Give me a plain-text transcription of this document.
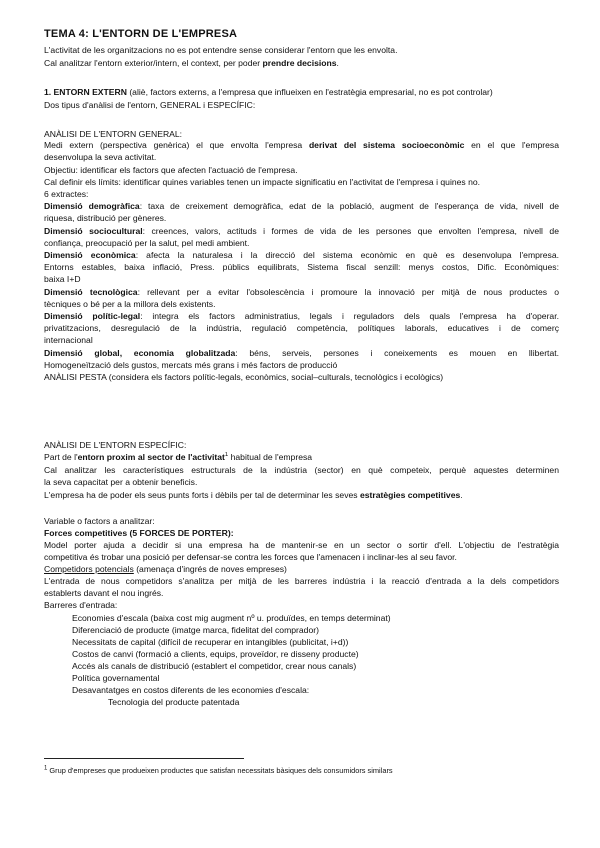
TEMA 4: L'ENTORN DE L'EMPRESA
L'activitat de les organitzacions no es pot entendre sense considerar l'entorn que les envolta.
Cal analitzar l'entorn exterior/intern, el context, per poder prendre decisions.
1. ENTORN EXTERN (aliè, factors externs, a l'empresa que influeixen en l'estratègia empresarial, no es pot controlar)
Dos tipus d'anàlisi de l'entorn, GENERAL i ESPECÍFIC:
ANÀLISI DE L'ENTORN GENERAL:
Medi extern (perspectiva genèrica) el que envolta l'empresa derivat del sistema socioeconòmic en el que l'empresa
desenvolupa la seva activitat.
Objectiu: identificar els factors que afecten l'actuació de l'empresa.
Cal definir els límits: identificar quines variables tenen un impacte significatiu en l'activitat de l'empresa i quines no.
6 extractes:
Dimensió demogràfica: taxa de creixement demogràfica, edat de la població, augment de l'esperança de vida, nivell de
riquesa, distribució per gèneres.
Dimensió sociocultural: creences, valors, actituds i formes de vida de les persones que envolten l'empresa, nivell de
confiança, preocupació per la salut, pel medi ambient.
Dimensió econòmica: afecta la naturalesa i la direcció del sistema econòmic en què es desenvolupa l'empresa.
Entorns estables, baixa inflació, Press. públics equilibrats, Sistema fiscal senzill: menys costos, Dific. Econòmiques:
baixa I+D
Dimensió tecnològica: rellevant per a evitar l'obsolescència i promoure la innovació per mitjà de nous productes o
tècniques o bé per a la millora dels existents.
Dimensió polític-legal: integra els factors administratius, legals i reguladors dels quals l'empresa ha d'operar.
privatitzacions, desregulació de la indústria, regulació competència, polítiques laborals, educatives i de comerç
internacional
Dimensió global, economia globalitzada: béns, serveis, persones i coneixements es mouen en llibertat.
Homogeneïtzació dels gustos, mercats més grans i més factors de producció
ANÀLISI PESTA (considera els factors polític-legals, econòmics, social–culturals, tecnològics i ecològics)
ANÀLISI DE L'ENTORN ESPECÍFIC:
Part de l'entorn proxim al sector de l'activitat$^1$ habitual de l'empresa
Cal analitzar les característiques estructurals de la indústria (sector) en què competeix, perquè aquestes determinen
la seva capacitat per a obtenir beneficis.
L'empresa ha de poder els seus punts forts i dèbils per tal de determinar les seves estratègies competitives.
Variable o factors a analitzar:
Forces competitives (5 FORCES DE PORTER):
Model porter ajuda a decidir si una empresa ha de mantenir-se en un sector o sortir d'ell. L'objectiu de l'estratègia
competitiva és trobar una posició per defensar-se contra les forces que l'amenacen i inclinar-les al seu favor.
Competidors potencials (amenaça d'ingrés de noves empreses)
L'entrada de nous competidors s'analitza per mitjà de les barreres indústria i la reacció d'entrada a la dels competidors
establerts davant el nou ingrés.
Barreres d'entrada:
Economies d'escala (baixa cost mig augment nº u. produïdes, en temps determinat)
Diferenciació de producte (imatge marca, fidelitat del comprador)
Necessitats de capital (difícil de recuperar en intangibles (publicitat, i+d))
Costos de canvi (formació a clients, equips, proveïdor, re disseny producte)
Accés als canals de distribució (establert el competidor, crear nous canals)
Política governamental
Desavantatges en costos diferents de les economies d'escala:
Tecnologia del producte patentada
$^1$ Grup d'empreses que produeixen productes que satisfan necessitats bàsiques dels consumidors similars
